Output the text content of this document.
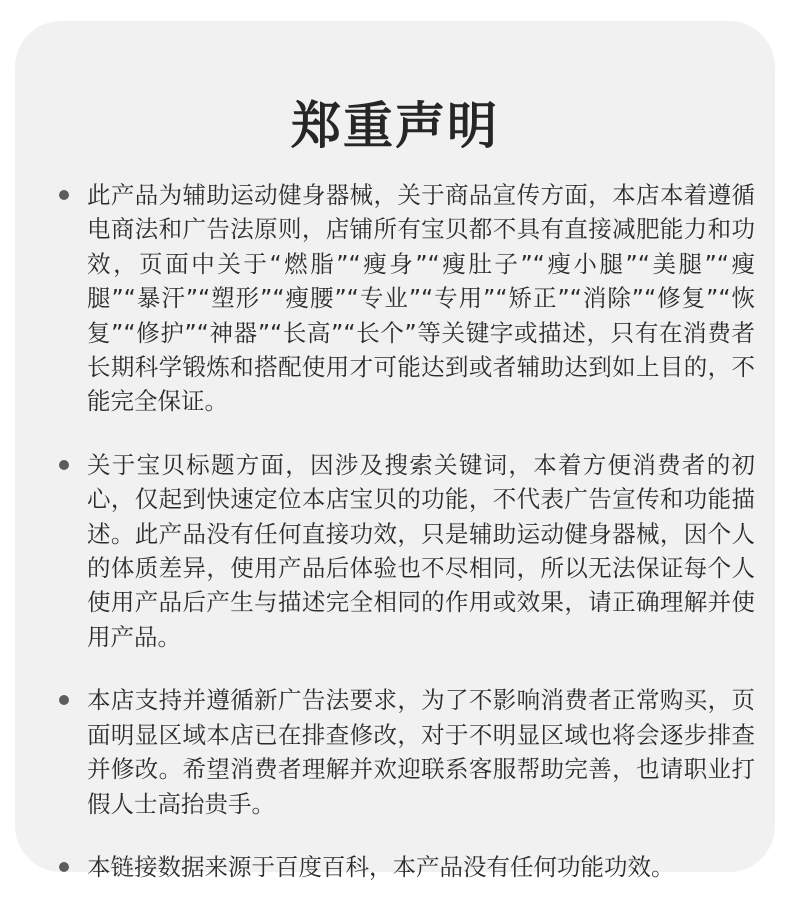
郑重声明
此产品为辅助运动健身器械，关于商品宣传方面，本店本着遵循电商法和广告法原则，店铺所有宝贝都不具有直接减肥能力和功效，页面中关于“燃脂”“瘦身”“瘦肚子”“瘦小腿”“美腿”“瘦腿”“暴汗”“塑形”“瘦腰”“专业”“专用”“矫正”“消除”“修复”“恢复”“修护”“神器”“长高”“长个”等关键字或描述，只有在消费者长期科学锻炼和搭配使用才可能达到或者辅助达到如上目的，不能完全保证。
关于宝贝标题方面，因涉及搜索关键词，本着方便消费者的初心，仅起到快速定位本店宝贝的功能，不代表广告宣传和功能描述。此产品没有任何直接功效，只是辅助运动健身器械，因个人的体质差异，使用产品后体验也不尽相同，所以无法保证每个人使用产品后产生与描述完全相同的作用或效果，请正确理解并使用产品。
本店支持并遵循新广告法要求，为了不影响消费者正常购买，页面明显区域本店已在排查修改，对于不明显区域也将会逐步排查并修改。希望消费者理解并欢迎联系客服帮助完善，也请职业打假人士高抬贵手。
本链接数据来源于百度百科，本产品没有任何功能功效。
